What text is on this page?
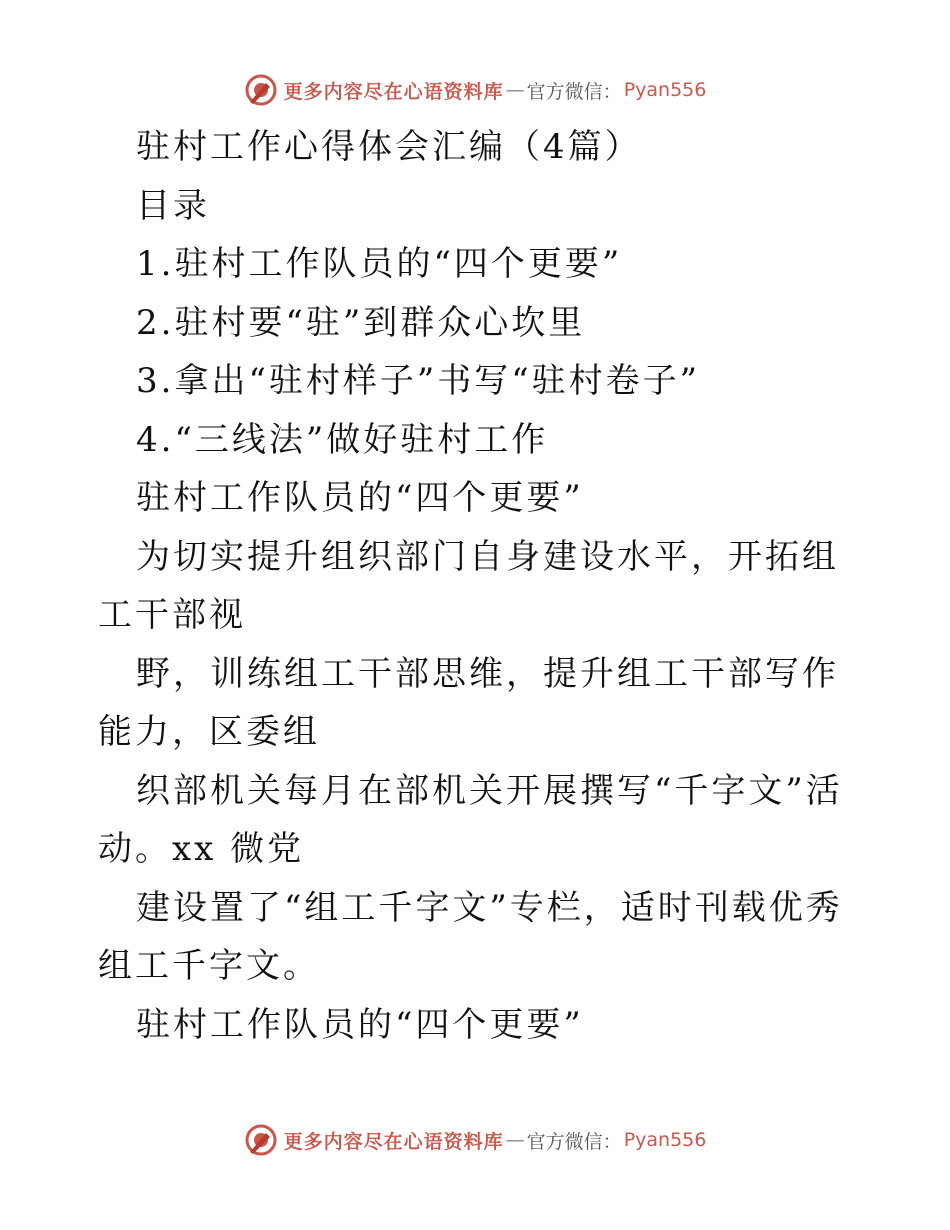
更多内容尽在心语资料库 — 官方微信： Pyan556

驻村工作心得体会汇编（4篇）

目录

1.驻村工作队员的“四个更要”

2.驻村要“驻”到群众心坎里

3.拿出“驻村样子”书写“驻村卷子”

4.“三线法”做好驻村工作

驻村工作队员的“四个更要”

为切实提升组织部门自身建设水平，开拓组工干部视

野，训练组工干部思维，提升组工干部写作能力，区委组

织部机关每月在部机关开展撰写“千字文”活动。xx 微党

建设置了“组工千字文”专栏，适时刊载优秀组工千字文。

驻村工作队员的“四个更要”

更多内容尽在心语资料库 — 官方微信： Pyan556
